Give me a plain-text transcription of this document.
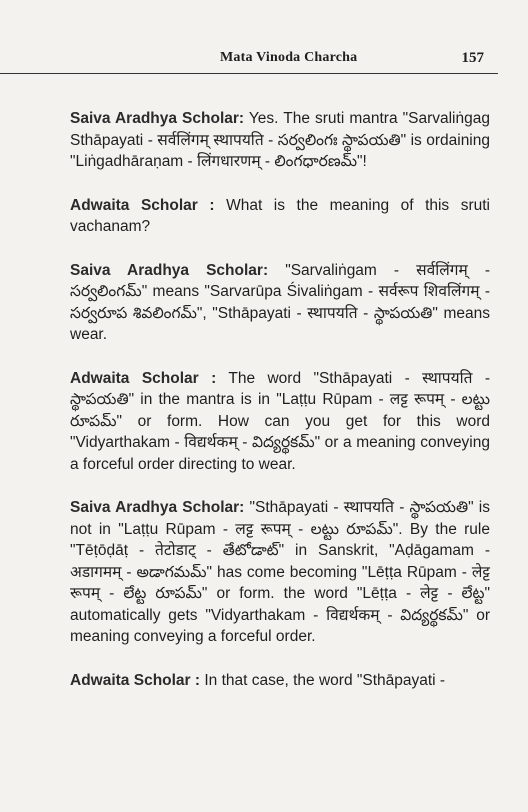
Mata Vinoda Charcha	157

Saiva Aradhya Scholar: Yes. The sruti mantra "Sarvaliṅgag Sthāpayati - सर्वलिंगम् स्थापयति - సర్వలింగః స్థాపయతి" is ordaining "Liṅgadhāraṇam - लिंगधारणम् - లింగధారణమ్"!

Adwaita Scholar : What is the meaning of this sruti vachanam?

Saiva Aradhya Scholar: "Sarvaliṅgam - सर्वलिंगम् - సర్వలింగమ్" means "Sarvarūpa Śivaliṅgam - सर्वरूप शिवलिंगम् - సర్వరూప శివలింగమ్", "Sthāpayati - स्थापयति - స్థాపయతి" means wear.

Adwaita Scholar : The word "Sthāpayati - स्थापयति - స్థాపయతి" in the mantra is in "Laṭṭu Rūpam - लट्ट रूपम् - లట్టు రూపమ్" or form. How can you get for this word "Vidyarthakam - विद्यर्थकम् - విద్యర్థకమ్" or a meaning conveying a forceful order directing to wear.

Saiva Aradhya Scholar: "Sthāpayati - स्थापयति - స్థాపయతి" is not in "Laṭṭu Rūpam - लट्ट रूपम् - లట్టు రూపమ్". By the rule "Tēṭōḍāṭ - तेटोडाट् - తేటోడాట్" in Sanskrit, "Aḍāgamam - अडागमम् - అడాగమమ్" has come becoming "Lēṭṭa Rūpam - लेट्ट रूपम् - లేట్ట రూపమ్" or form. the word "Lēṭṭa - लेट्ट - లేట్ట" automatically gets "Vidyarthakam - विद्यर्थकम् - విద్యర్థకమ్" or meaning conveying a forceful order.

Adwaita Scholar : In that case, the word "Sthāpayati -
